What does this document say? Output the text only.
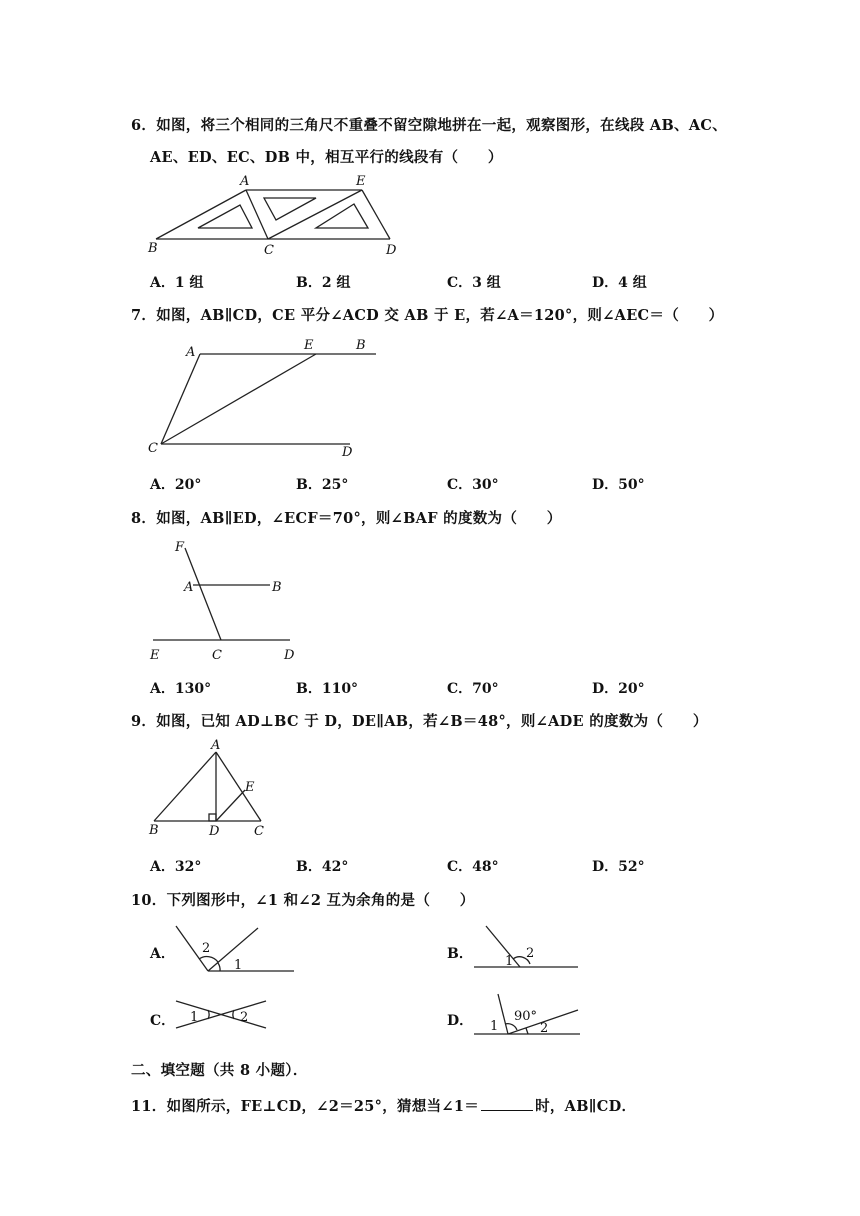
6．如图，将三个相同的三角尺不重叠不留空隙地拼在一起，观察图形，在线段 AB、AC、
AE、ED、EC、DB 中，相互平行的线段有（　　）
A	E
B	C	D
A．1 组	B．2 组	C．3 组	D．4 组
7．如图，AB∥CD，CE 平分∠ACD 交 AB 于 E，若∠A＝120°，则∠AEC＝（　　）
A	E	B
C	D
A．20°	B．25°	C．30°	D．50°
8．如图，AB∥ED，∠ECF＝70°，则∠BAF 的度数为（　　）
F
A	B
E	C	D
A．130°	B．110°	C．70°	D．20°
9．如图，已知 AD⊥BC 于 D，DE∥AB，若∠B＝48°，则∠ADE 的度数为（　　）
A
E
B	D	C
A．32°	B．42°	C．48°	D．52°
10．下列图形中，∠1 和∠2 互为余角的是（　　）
A． 2
1
B． 1
2
C． 1	2	D． 1
90°
2
二、填空题（共 8 小题）．
11．如图所示，FE⊥CD，∠2＝25°，猜想当∠1＝	时，AB∥CD．
